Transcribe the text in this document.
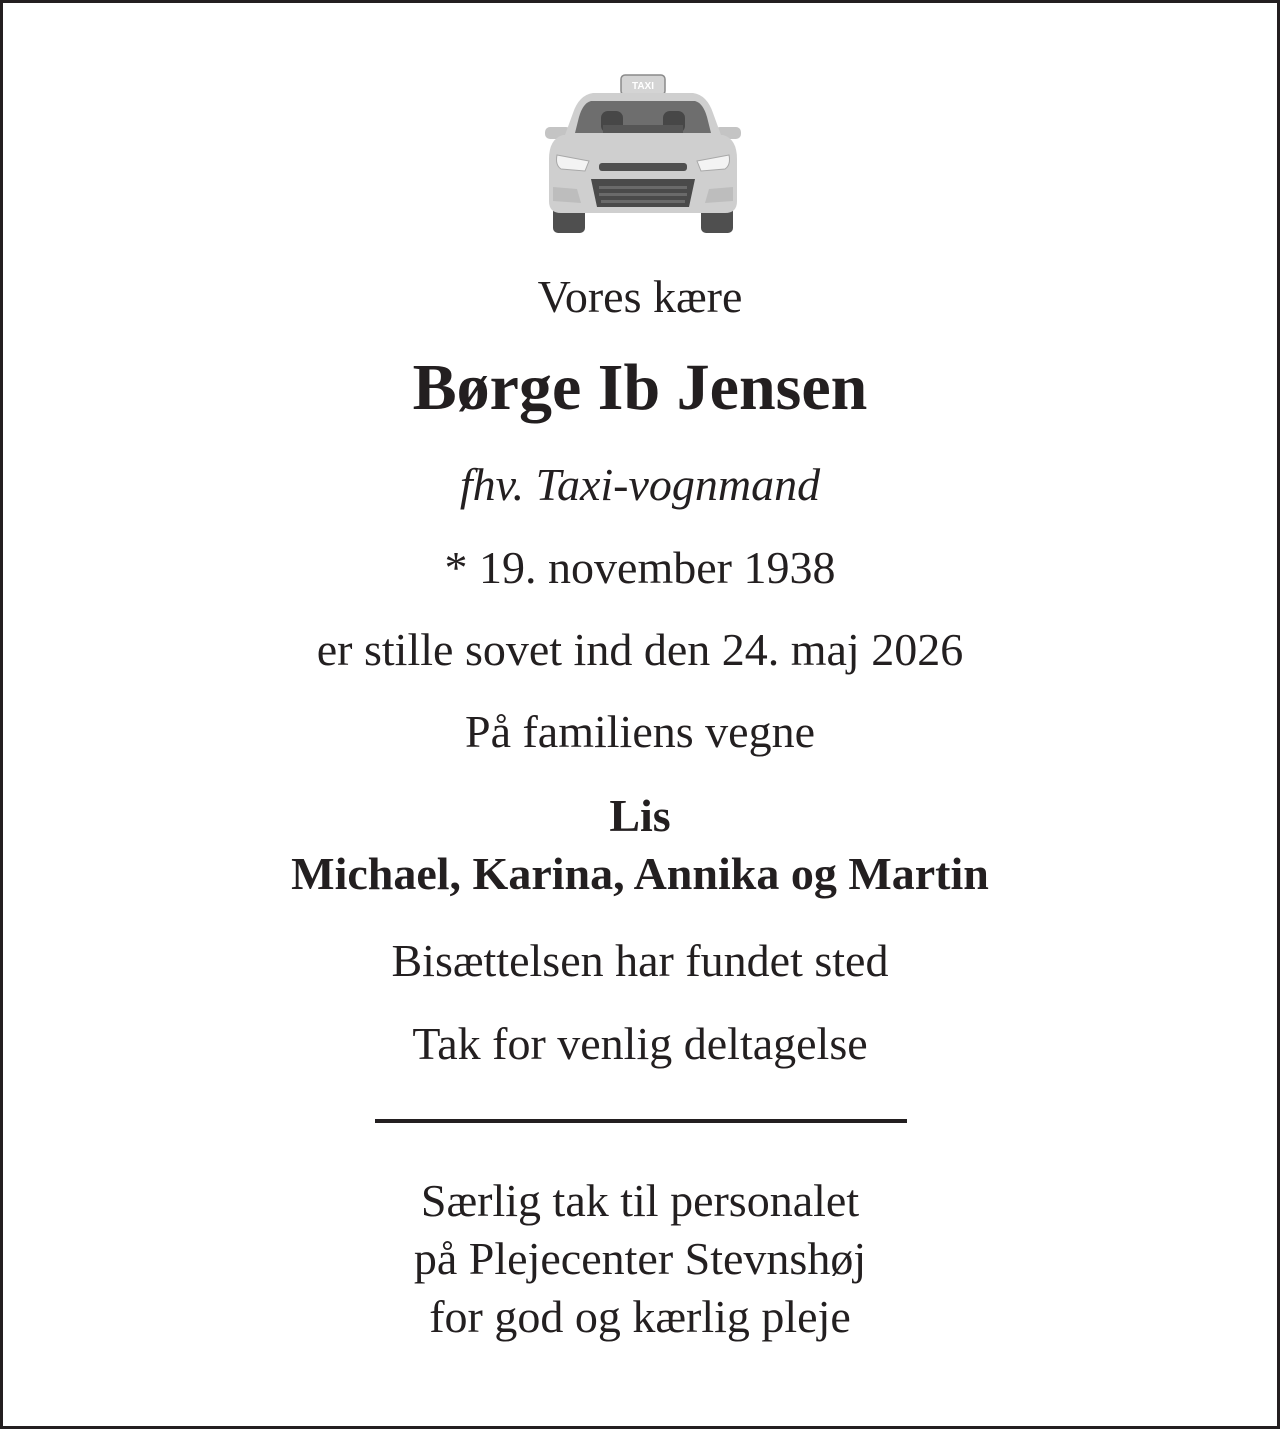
TAXI
Vores kære
Børge Ib Jensen
fhv. Taxi-vognmand
* 19. november 1938
er stille sovet ind den 24. maj 2026
På familiens vegne
Lis
Michael, Karina, Annika og Martin
Bisættelsen har fundet sted
Tak for venlig deltagelse
Særlig tak til personalet
på Plejecenter Stevnshøj
for god og kærlig pleje
